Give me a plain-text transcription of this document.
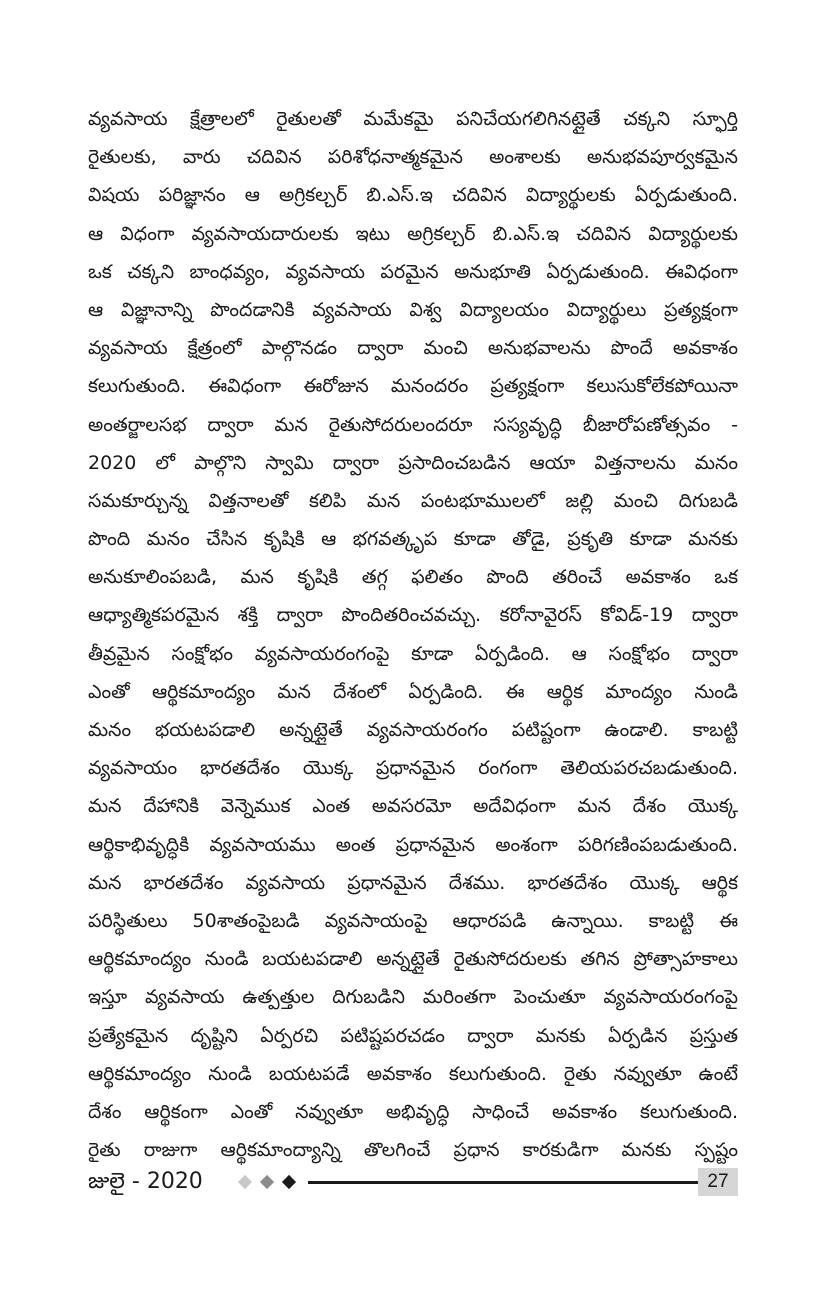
వ్యవసాయ క్షేత్రాలలో రైతులతో మమేకమై పనిచేయగలిగినట్లైతే చక్కని స్ఫూర్తి
రైతులకు, వారు చదివిన పరిశోధనాత్మకమైన అంశాలకు అనుభవపూర్వకమైన
విషయ పరిజ్ఞానం ఆ అగ్రికల్చర్ బి.ఎస్.ఇ చదివిన విద్యార్థులకు ఏర్పడుతుంది.
ఆ విధంగా వ్యవసాయదారులకు ఇటు అగ్రికల్చర్ బి.ఎస్.ఇ చదివిన విద్యార్థులకు
ఒక చక్కని బాంధవ్యం, వ్యవసాయ పరమైన అనుభూతి ఏర్పడుతుంది. ఈవిధంగా
ఆ విజ్ఞానాన్ని పొందడానికి వ్యవసాయ విశ్వ విద్యాలయం విద్యార్థులు ప్రత్యక్షంగా
వ్యవసాయ క్షేత్రంలో పాల్గొనడం ద్వారా మంచి అనుభవాలను పొందే అవకాశం
కలుగుతుంది. ఈవిధంగా ఈరోజున మనందరం ప్రత్యక్షంగా కలుసుకోలేకపోయినా
అంతర్జాలసభ ద్వారా మన రైతుసోదరులందరూ సస్యవృద్ధి బీజారోపణోత్సవం -
2020 లో పాల్గొని స్వామి ద్వారా ప్రసాదించబడిన ఆయా విత్తనాలను మనం
సమకూర్చున్న విత్తనాలతో కలిపి మన పంటభూములలో జల్లి మంచి దిగుబడి
పొంది మనం చేసిన కృషికి ఆ భగవత్కృప కూడా తోడై, ప్రకృతి కూడా మనకు
అనుకూలింపబడి, మన కృషికి తగ్గ ఫలితం పొంది తరించే అవకాశం ఒక
ఆధ్యాత్మికపరమైన శక్తి ద్వారా పొందితరించవచ్చు. కరోనావైరస్ కోవిడ్-19 ద్వారా
తీవ్రమైన సంక్షోభం వ్యవసాయరంగంపై కూడా ఏర్పడింది. ఆ సంక్షోభం ద్వారా
ఎంతో ఆర్థికమాంద్యం మన దేశంలో ఏర్పడింది. ఈ ఆర్థిక మాంద్యం నుండి
మనం భయటపడాలి అన్నట్లైతే వ్యవసాయరంగం పటిష్టంగా ఉండాలి. కాబట్టి
వ్యవసాయం భారతదేశం యొక్క ప్రధానమైన రంగంగా తెలియపరచబడుతుంది.
మన దేహానికి వెన్నెముక ఎంత అవసరమో అదేవిధంగా మన దేశం యొక్క
ఆర్థికాభివృద్ధికి వ్యవసాయము అంత ప్రధానమైన అంశంగా పరిగణింపబడుతుంది.
మన భారతదేశం వ్యవసాయ ప్రధానమైన దేశము. భారతదేశం యొక్క ఆర్థిక
పరిస్థితులు 50శాతంపైబడి వ్యవసాయంపై ఆధారపడి ఉన్నాయి. కాబట్టి ఈ
ఆర్థికమాంద్యం నుండి బయటపడాలి అన్నట్లైతే రైతుసోదరులకు తగిన ప్రోత్సాహకాలు
ఇస్తూ వ్యవసాయ ఉత్పత్తుల దిగుబడిని మరింతగా పెంచుతూ వ్యవసాయరంగంపై
ప్రత్యేకమైన దృష్టిని ఏర్పరచి పటిష్టపరచడం ద్వారా మనకు ఏర్పడిన ప్రస్తుత
ఆర్థికమాంద్యం నుండి బయటపడే అవకాశం కలుగుతుంది. రైతు నవ్వుతూ ఉంటే
దేశం ఆర్థికంగా ఎంతో నవ్వుతూ అభివృద్ధి సాధించే అవకాశం కలుగుతుంది.
రైతు రాజుగా ఆర్థికమాంద్యాన్ని తొలగించే ప్రధాన కారకుడిగా మనకు స్పష్టం
జులై - 2020	27
